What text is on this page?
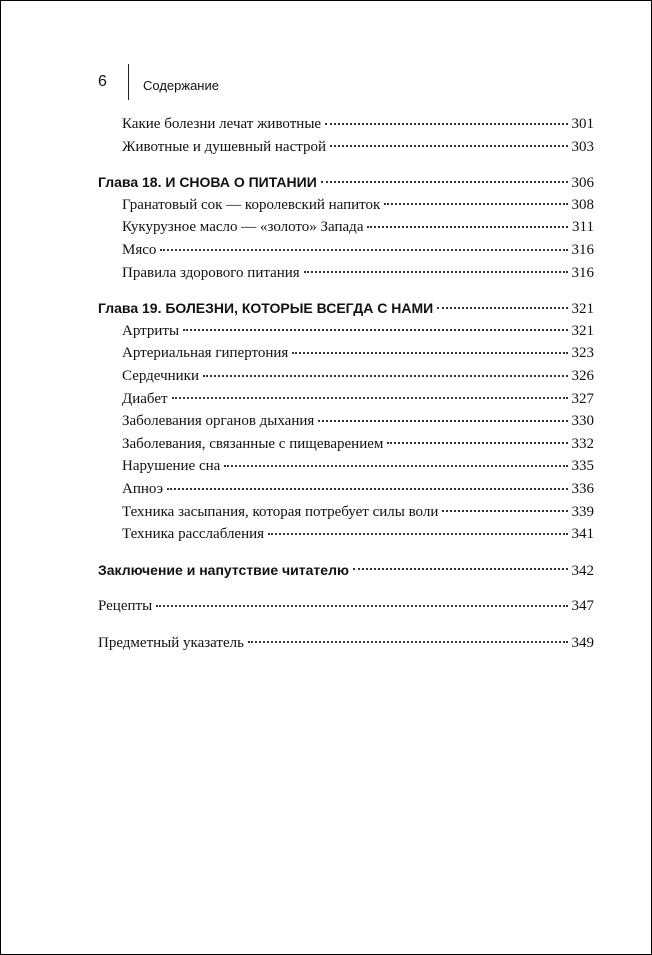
6	Содержание
Какие болезни лечат животные	301
Животные и душевный настрой	303
Глава 18. И СНОВА О ПИТАНИИ	306
Гранатовый сок — королевский напиток	308
Кукурузное масло — «золото» Запада	311
Мясо	316
Правила здорового питания	316
Глава 19. БОЛЕЗНИ, КОТОРЫЕ ВСЕГДА С НАМИ	321
Артриты	321
Артериальная гипертония	323
Сердечники	326
Диабет	327
Заболевания органов дыхания	330
Заболевания, связанные с пищеварением	332
Нарушение сна	335
Апноэ	336
Техника засыпания, которая потребует силы воли	339
Техника расслабления	341
Заключение и напутствие читателю	342
Рецепты	347
Предметный указатель	349
